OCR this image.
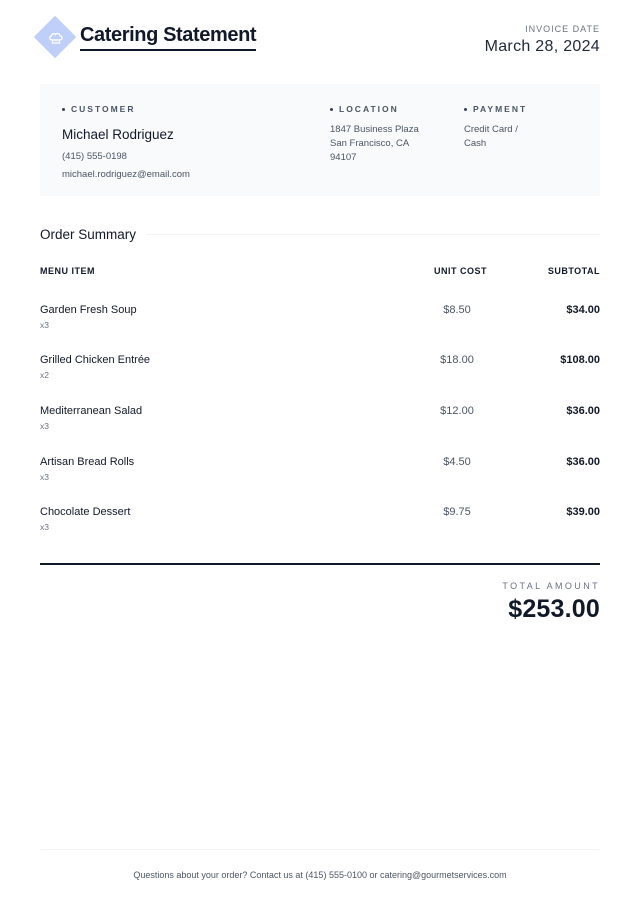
Catering Statement	INVOICE DATE
March 28, 2024
CUSTOMER
Michael Rodriguez
(415) 555-0198
michael.rodriguez@email.com
LOCATION
1847 Business Plaza
San Francisco, CA
94107
PAYMENT
Credit Card /
Cash
Order Summary
MENU ITEM	UNIT COST	SUBTOTAL
Garden Fresh Soup
x3
$8.50	$34.00
Grilled Chicken Entrée
x2
$18.00	$108.00
Mediterranean Salad
x3
$12.00	$36.00
Artisan Bread Rolls
x3
$4.50	$36.00
Chocolate Dessert
x3
$9.75	$39.00
TOTAL AMOUNT
$253.00
Questions about your order? Contact us at (415) 555-0100 or catering@gourmetservices.com
